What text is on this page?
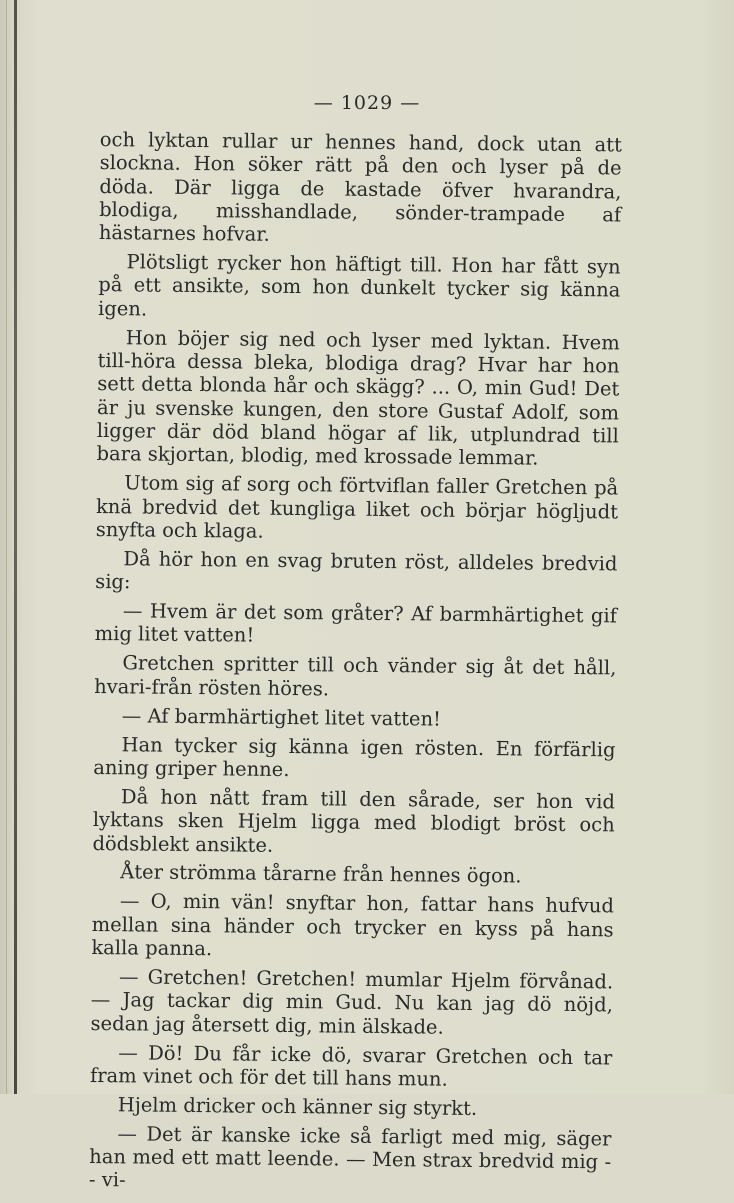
— 1029 —

och lyktan rullar ur hennes hand, dock utan att slockna. Hon söker rätt på den och lyser på de döda. Där ligga de kastade öfver hvarandra, blodiga, misshandlade, sönder-trampade af hästarnes hofvar.

Plötsligt rycker hon häftigt till. Hon har fått syn på ett ansikte, som hon dunkelt tycker sig känna igen.

Hon böjer sig ned och lyser med lyktan. Hvem till-höra dessa bleka, blodiga drag? Hvar har hon sett detta blonda hår och skägg? ... O, min Gud! Det är ju svenske kungen, den store Gustaf Adolf, som ligger där död bland högar af lik, utplundrad till bara skjortan, blodig, med krossade lemmar.

Utom sig af sorg och förtviflan faller Gretchen på knä bredvid det kungliga liket och börjar högljudt snyfta och klaga.

Då hör hon en svag bruten röst, alldeles bredvid sig:

— Hvem är det som gråter? Af barmhärtighet gif mig litet vatten!

Gretchen spritter till och vänder sig åt det håll, hvari-från rösten höres.

— Af barmhärtighet litet vatten!

Han tycker sig känna igen rösten. En förfärlig aning griper henne.

Då hon nått fram till den sårade, ser hon vid lyktans sken Hjelm ligga med blodigt bröst och dödsblekt ansikte.

Åter strömma tårarne från hennes ögon.

— O, min vän! snyftar hon, fattar hans hufvud mellan sina händer och trycker en kyss på hans kalla panna.

— Gretchen! Gretchen! mumlar Hjelm förvånad. — Jag tackar dig min Gud. Nu kan jag dö nöjd, sedan jag återsett dig, min älskade.

— Dö! Du får icke dö, svarar Gretchen och tar fram vinet och för det till hans mun.

Hjelm dricker och känner sig styrkt.

— Det är kanske icke så farligt med mig, säger han med ett matt leende. — Men strax bredvid mig -- vi-
